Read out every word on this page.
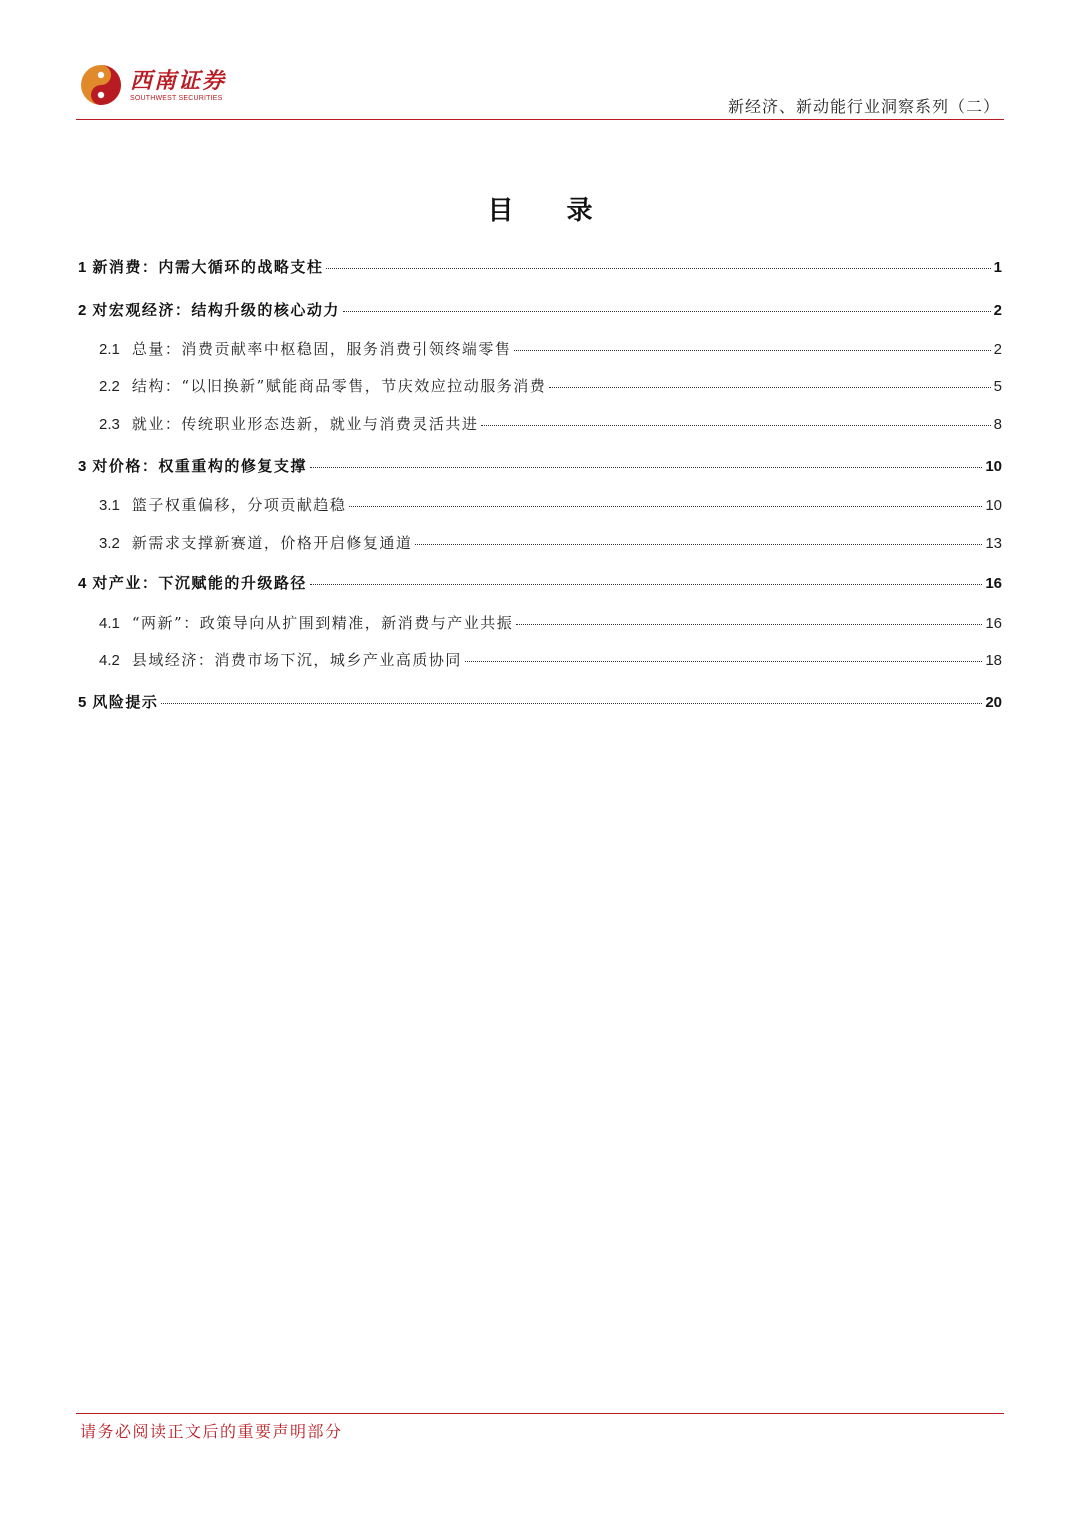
西南证券
SOUTHWEST SECURITIES	新经济、新动能行业洞察系列（二）
目 录
1 新消费：内需大循环的战略支柱	1
2 对宏观经济：结构升级的核心动力	2
2.1 总量：消费贡献率中枢稳固，服务消费引领终端零售	2
2.2 结构：“以旧换新”赋能商品零售，节庆效应拉动服务消费	5
2.3 就业：传统职业形态迭新，就业与消费灵活共进	8
3 对价格：权重重构的修复支撑	10
3.1 篮子权重偏移，分项贡献趋稳	10
3.2 新需求支撑新赛道，价格开启修复通道	13
4 对产业：下沉赋能的升级路径	16
4.1 “两新”：政策导向从扩围到精准，新消费与产业共振	16
4.2 县域经济：消费市场下沉，城乡产业高质协同	18
5 风险提示	20
请务必阅读正文后的重要声明部分
